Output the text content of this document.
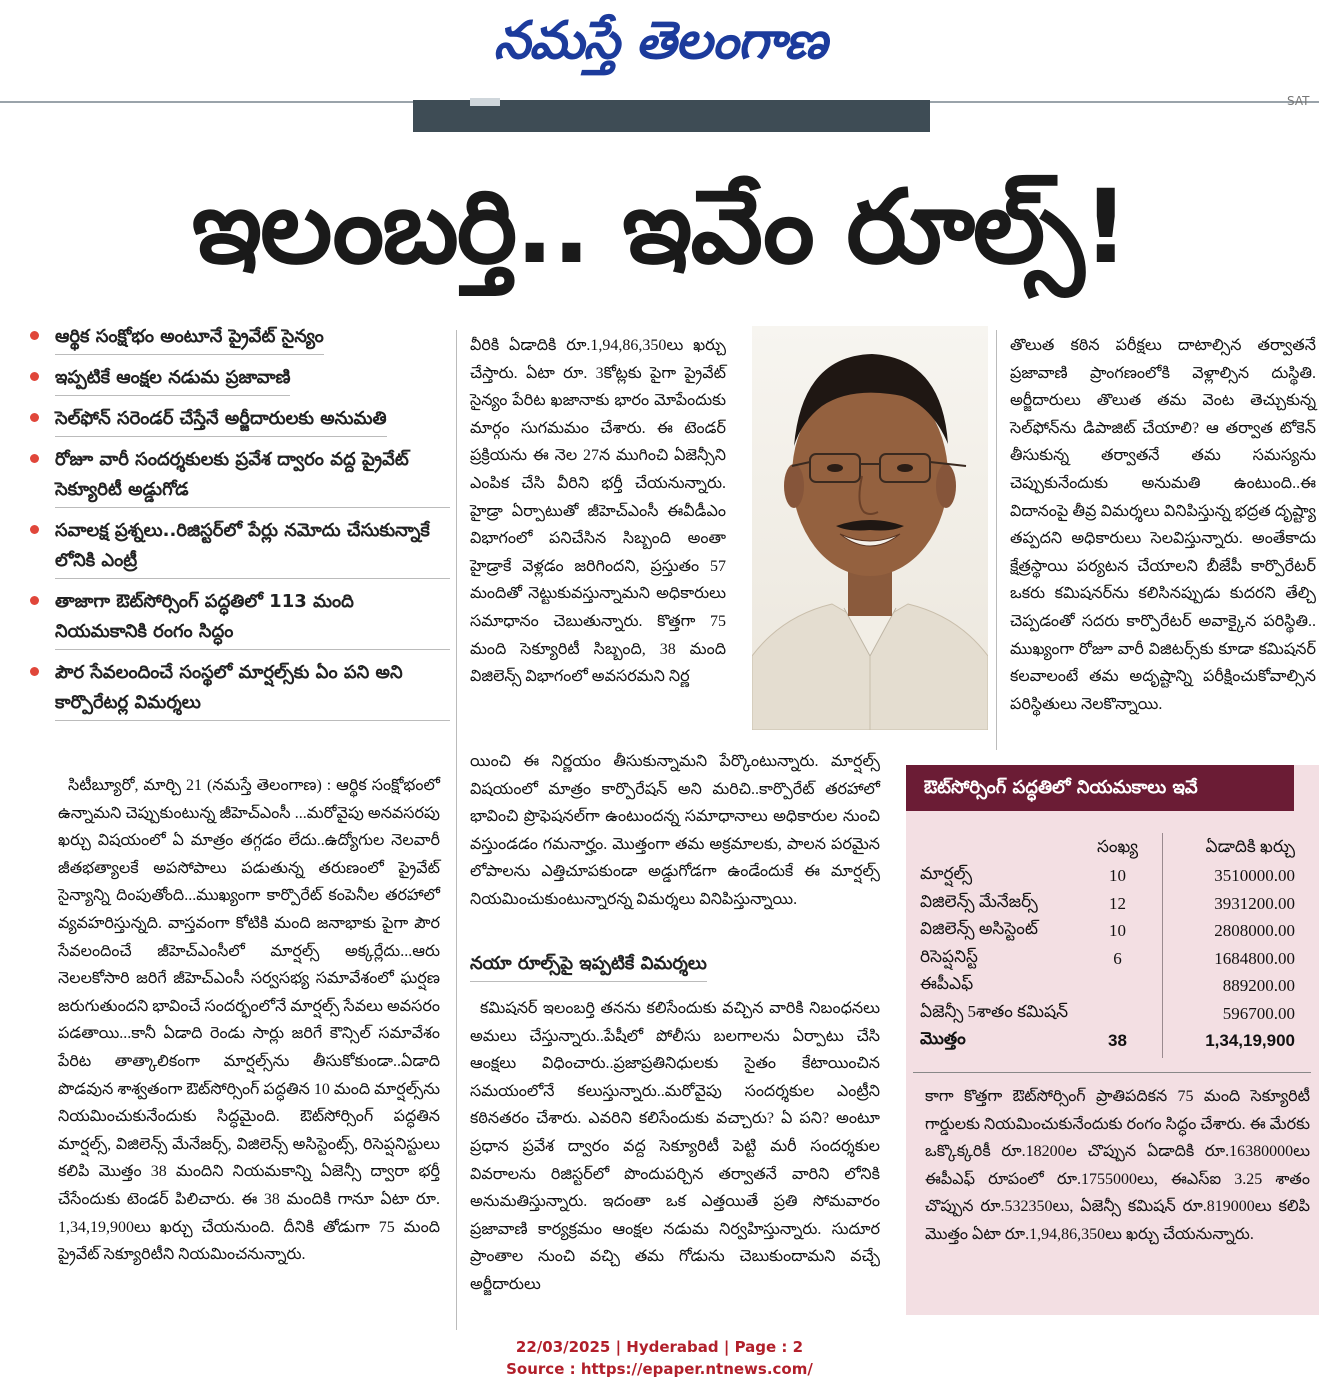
నమస్తే తెలంగాణ
SAT
ఇలంబర్తి.. ఇవేం రూల్స్!
ఆర్థిక సంక్షోభం అంటూనే ప్రైవేట్ సైన్యం
ఇప్పటికే ఆంక్షల నడుమ ప్రజావాణి
సెల్‌ఫోన్ సరెండర్ చేస్తేనే అర్జీదారులకు అనుమతి
రోజూ వారీ సందర్శకులకు ప్రవేశ ద్వారం వద్ద ప్రైవేట్ సెక్యూరిటీ అడ్డుగోడ
సవాలక్ష ప్రశ్నలు..రిజిస్టర్‌లో పేర్లు నమోదు చేసుకున్నాకే లోనికి ఎంట్రీ
తాజాగా ఔట్‌సోర్సింగ్ పద్ధతిలో 113 మంది నియమకానికి రంగం సిద్ధం
పౌర సేవలందించే సంస్థలో మార్షల్స్‌కు ఏం పని అని కార్పొరేటర్ల విమర్శలు
సిటీబ్యూరో, మార్చి 21 (నమస్తే తెలంగాణ) : ఆర్థిక సంక్షోభంలో ఉన్నామని చెప్పుకుంటున్న జీహెచ్‌ఎంసీ ...మరోవైపు అనవసరపు ఖర్చు విషయంలో ఏ మాత్రం తగ్గడం లేదు..ఉద్యోగుల నెలవారీ జీతభత్యాలకే అపసోపాలు పడుతున్న తరుణంలో ప్రైవేట్ సైన్యాన్ని దింపుతోంది...ముఖ్యంగా కార్పొరేట్ కంపెనీల తరహాలో వ్యవహరిస్తున్నది. వాస్తవంగా కోటికి మంది జనాభాకు పైగా పౌర సేవలందించే జీహెచ్‌ఎంసీలో మార్షల్స్ అక్కర్లేదు...ఆరు నెలలకోసారి జరిగే జీహెచ్‌ఎంసీ సర్వసభ్య సమావేశంలో ఘర్షణ జరుగుతుందని భావించే సందర్భంలోనే మార్షల్స్ సేవలు అవసరం పడతాయి...కానీ ఏడాది రెండు సార్లు జరిగే కౌన్సిల్ సమావేశం పేరిట తాత్కాలికంగా మార్షల్స్‌ను తీసుకోకుండా..ఏడాది పొడవున శాశ్వతంగా ఔట్‌సోర్సింగ్ పద్ధతిన 10 మంది మార్షల్స్‌ను నియమించుకునేందుకు సిద్ధమైంది. ఔట్‌సోర్సింగ్ పద్ధతిన మార్షల్స్, విజిలెన్స్ మేనేజర్స్, విజిలెన్స్ అసిస్టెంట్స్, రిసెప్షనిస్టులు కలిపి మొత్తం 38 మందిని నియమకాన్ని ఏజెన్సీ ద్వారా భర్తీ చేసేందుకు టెండర్ పిలిచారు. ఈ 38 మందికి గానూ ఏటా రూ. 1,34,19,900లు ఖర్చు చేయనుంది. దీనికి తోడుగా 75 మంది ప్రైవేట్ సెక్యూరిటీని నియమించనున్నారు.
వీరికి ఏడాదికి రూ.1,94,86,350లు ఖర్చు చేస్తారు. ఏటా రూ. 3కోట్లకు పైగా ప్రైవేట్ సైన్యం పేరిట ఖజానాకు భారం మోపేందుకు మార్గం సుగమమం చేశారు. ఈ టెండర్ ప్రక్రియను ఈ నెల 27న ముగించి ఏజెన్సీని ఎంపిక చేసి వీరిని భర్తీ చేయనున్నారు. హైడ్రా ఏర్పాటుతో జీహెచ్‌ఎంసీ ఈవీడీఎం విభాగంలో పనిచేసిన సిబ్బంది అంతా హైడ్రాకే వెళ్లడం జరిగిందని, ప్రస్తుతం 57 మందితో నెట్టుకువస్తున్నామని అధికారులు సమాధానం చెబుతున్నారు. కొత్తగా 75 మంది సెక్యూరిటీ సిబ్బంది, 38 మంది విజిలెన్స్ విభాగంలో అవసరమని నిర్ణ
యించి ఈ నిర్ణయం తీసుకున్నామని పేర్కొంటున్నారు. మార్షల్స్ విషయంలో మాత్రం కార్పొరేషన్ అని మరిచి..కార్పొరేట్ తరహాలో భావించి ప్రొఫెషనల్‌గా ఉంటుందన్న సమాధానాలు అధికారుల నుంచి వస్తుండడం గమనార్హం. మొత్తంగా తమ అక్రమాలకు, పాలన పరమైన లోపాలను ఎత్తిచూపకుండా అడ్డుగోడగా ఉండేందుకే ఈ మార్షల్స్ నియమించుకుంటున్నారన్న విమర్శలు వినిపిస్తున్నాయి.
నయా రూల్స్‌పై ఇప్పటికే విమర్శలు
కమిషనర్ ఇలంబర్తి తనను కలిసేందుకు వచ్చిన వారికి నిబంధనలు అమలు చేస్తున్నారు..పేషీలో పోలీసు బలగాలను ఏర్పాటు చేసి ఆంక్షలు విధించారు..ప్రజాప్రతినిధులకు సైతం కేటాయించిన సమయంలోనే కలుస్తున్నారు..మరోవైపు సందర్శకుల ఎంట్రీని కఠినతరం చేశారు. ఎవరిని కలిసేందుకు వచ్చారు? ఏ పని? అంటూ ప్రధాన ప్రవేశ ద్వారం వద్ద సెక్యూరిటీ పెట్టి మరీ సందర్శకుల వివరాలను రిజిస్టర్‌లో పొందుపర్చిన తర్వాతనే వారిని లోనికి అనుమతిస్తున్నారు. ఇదంతా ఒక ఎత్తయితే ప్రతి సోమవారం ప్రజావాణి కార్యక్రమం ఆంక్షల నడుమ నిర్వహిస్తున్నారు. సుదూర ప్రాంతాల నుంచి వచ్చి తమ గోడును చెబుకుందామని వచ్చే అర్జీదారులు
తొలుత కఠిన పరీక్షలు దాటాల్సిన తర్వాతనే ప్రజావాణి ప్రాంగణంలోకి వెళ్లాల్సిన దుస్థితి. అర్జీదారులు తొలుత తమ వెంట తెచ్చుకున్న సెల్‌ఫోన్‌ను డిపాజిట్ చేయాలి? ఆ తర్వాత టోకెన్ తీసుకున్న తర్వాతనే తమ సమస్యను చెప్పుకునేందుకు అనుమతి ఉంటుంది..ఈ విదానంపై తీవ్ర విమర్శలు వినిపిస్తున్న భద్రత దృష్ట్యా తప్పదని అధికారులు సెలవిస్తున్నారు. అంతేకాదు క్షేత్రస్థాయి పర్యటన చేయాలని బీజేపీ కార్పొరేటర్ ఒకరు కమిషనర్‌ను కలిసినప్పుడు కుదరని తేల్చి చెప్పడంతో సదరు కార్పొరేటర్ అవాక్కైన పరిస్థితి.. ముఖ్యంగా రోజూ వారీ విజిటర్స్‌కు కూడా కమిషనర్ కలవాలంటే తమ అదృష్టాన్ని పరీక్షించుకోవాల్సిన పరిస్థితులు నెలకొన్నాయి.
ఔట్‌సోర్సింగ్ పద్ధతిలో నియమకాలు ఇవే
	సంఖ్య	ఏడాదికి ఖర్చు
మార్షల్స్	10	3510000.00
విజిలెన్స్ మేనేజర్స్	12	3931200.00
విజిలెన్స్ అసిస్టెంట్	10	2808000.00
రిసెప్షనిస్ట్	6	1684800.00
ఈపీఎఫ్		889200.00
ఏజెన్సీ 5శాతం కమిషన్		596700.00
మొత్తం	38	1,34,19,900
కాగా కొత్తగా ఔట్‌సోర్సింగ్ ప్రాతిపదికన 75 మంది సెక్యూరిటీ గార్డులకు నియమించుకునేందుకు రంగం సిద్ధం చేశారు. ఈ మేరకు ఒక్కొక్కరికీ రూ.18200ల చొప్పున ఏడాదికి రూ.16380000లు ఈపీఎఫ్ రూపంలో రూ.1755000లు, ఈఎస్ఐ 3.25 శాతం చొప్పున రూ.532350లు, ఏజెన్సీ కమిషన్ రూ.819000లు కలిపి మొత్తం ఏటా రూ.1,94,86,350లు ఖర్చు చేయనున్నారు.
22/03/2025 | Hyderabad | Page : 2
Source : https://epaper.ntnews.com/
